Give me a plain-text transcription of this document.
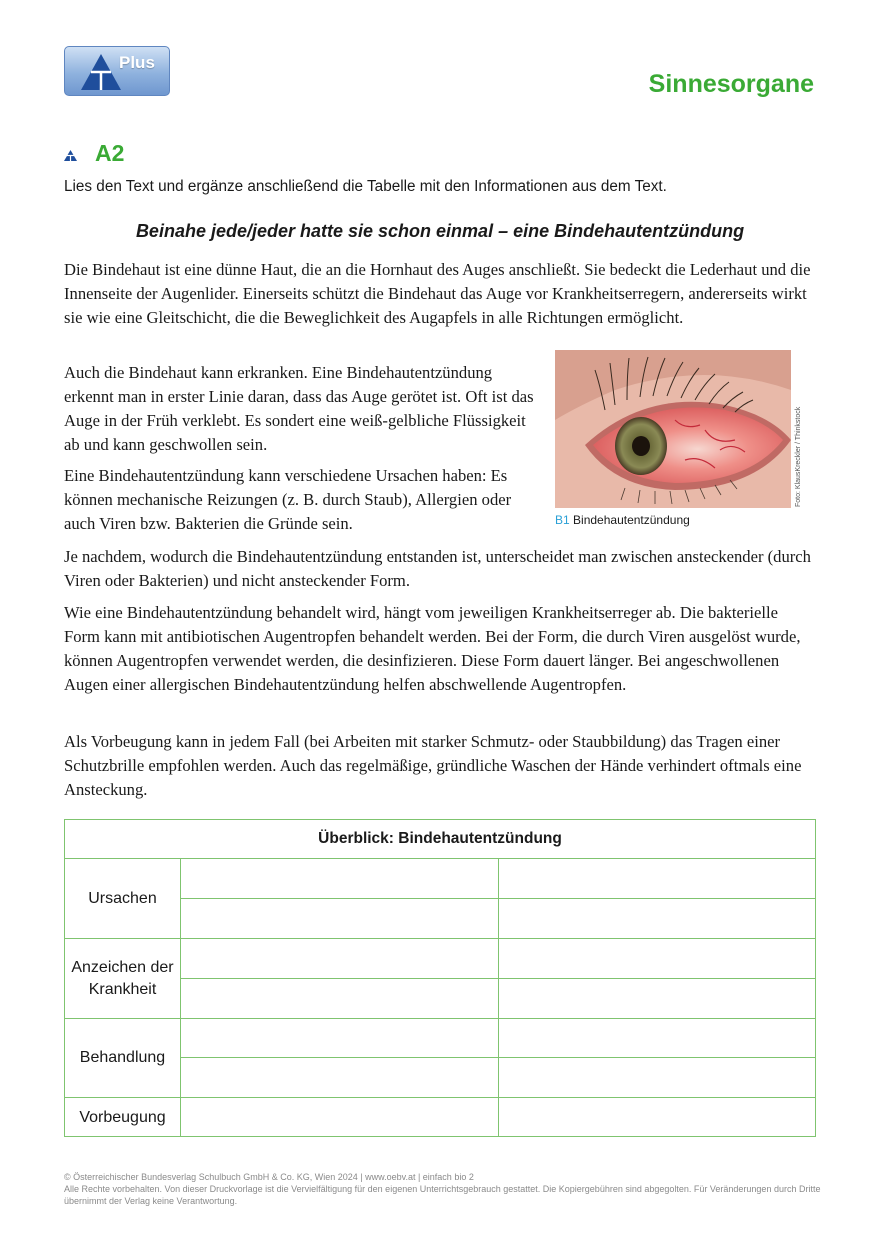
Plus
Sinnesorgane
A2
Lies den Text und ergänze anschließend die Tabelle mit den Informationen aus dem Text.
Beinahe jede/jeder hatte sie schon einmal – eine Bindehautentzündung

Die Bindehaut ist eine dünne Haut, die an die Hornhaut des Auges anschließt. Sie bedeckt die Lederhaut und die Innenseite der Augenlider. Einerseits schützt die Bindehaut das Auge vor Krankheitserregern, andererseits wirkt sie wie eine Gleitschicht, die die Beweglichkeit des Augapfels in alle Richtungen ermöglicht.

Auch die Bindehaut kann erkranken. Eine Bindehautentzündung erkennt man in erster Linie daran, dass das Auge gerötet ist. Oft ist das Auge in der Früh verklebt. Es sondert eine weiß-gelbliche Flüssigkeit ab und kann geschwollen sein.

Eine Bindehautentzündung kann verschiedene Ursachen haben: Es können mechanische Reizungen (z. B. durch Staub), Allergien oder auch Viren bzw. Bakterien die Gründe sein.

Je nachdem, wodurch die Bindehautentzündung entstanden ist, unterscheidet man zwischen ansteckender (durch Viren oder Bakterien) und nicht ansteckender Form.

Wie eine Bindehautentzündung behandelt wird, hängt vom jeweiligen Krankheitserreger ab. Die bakterielle Form kann mit antibiotischen Augentropfen behandelt werden. Bei der Form, die durch Viren ausgelöst wurde, können Augentropfen verwendet werden, die desinfizieren. Diese Form dauert länger. Bei angeschwollenen Augen einer allergischen Bindehautentzündung helfen abschwellende Augentropfen.

Als Vorbeugung kann in jedem Fall (bei Arbeiten mit starker Schmutz- oder Staubbildung) das Tragen einer Schutzbrille empfohlen werden. Auch das regelmäßige, gründliche Waschen der Hände verhindert oftmals eine Ansteckung.

Foto: KlausKreckler / Thinkstock
B1 Bindehautentzündung
Überblick: Bindehautentzündung
Ursachen
Anzeichen der Krankheit
Behandlung
Vorbeugung
© Österreichischer Bundesverlag Schulbuch GmbH & Co. KG, Wien 2024 | www.oebv.at | einfach bio 2
Alle Rechte vorbehalten. Von dieser Druckvorlage ist die Vervielfältigung für den eigenen Unterrichtsgebrauch gestattet. Die Kopiergebühren sind abgegolten. Für Veränderungen durch Dritte übernimmt der Verlag keine Verantwortung.
